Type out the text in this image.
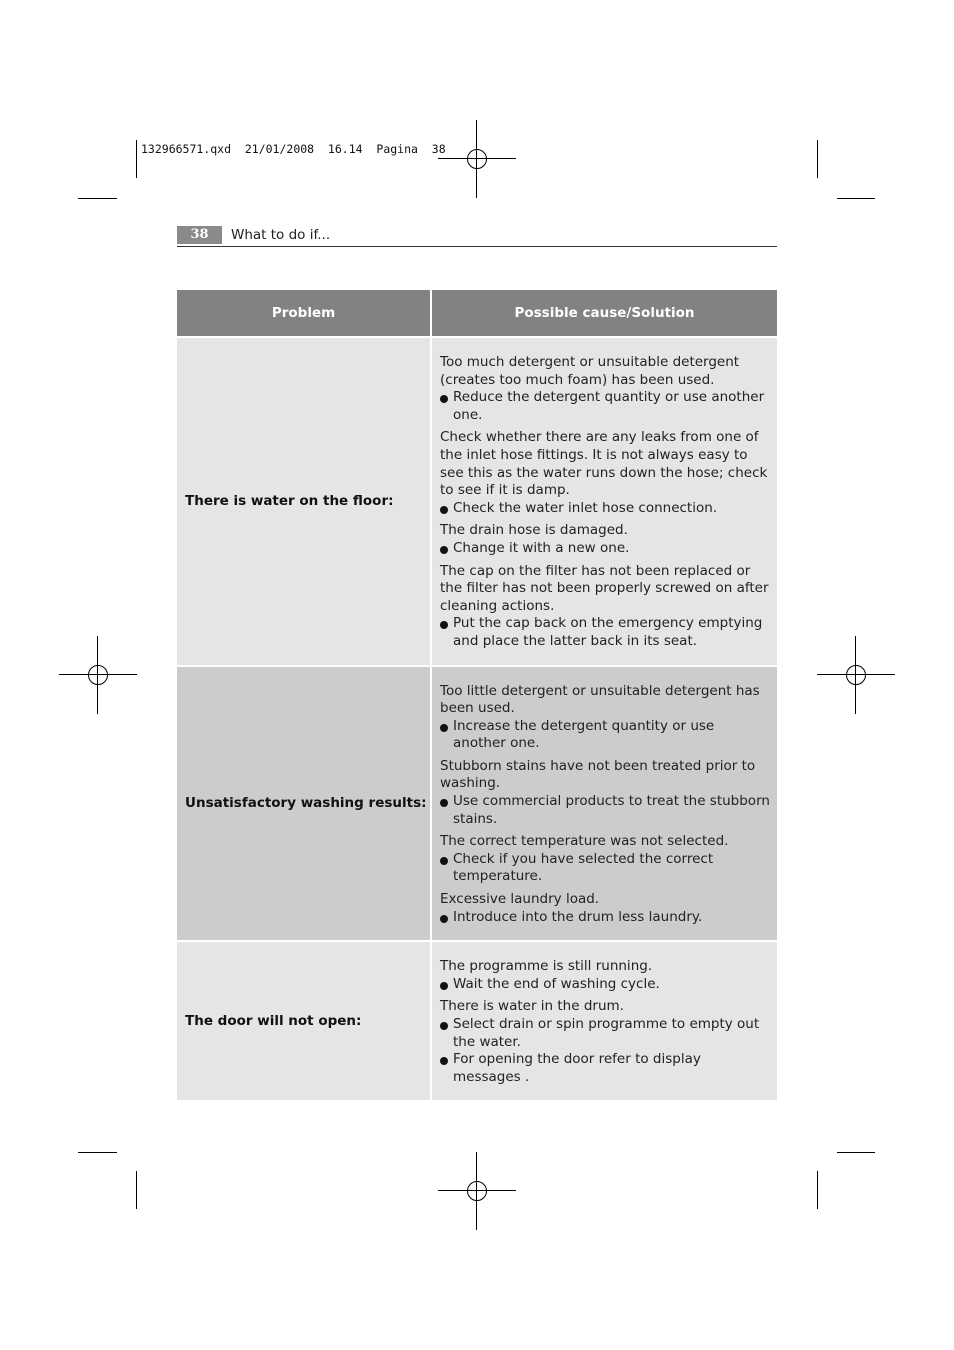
132966571.qxd  21/01/2008  16.14  Pagina  38
38	What to do if...
Problem	Possible cause/Solution
There is water on the floor:
Too much detergent or unsuitable detergent (creates too much foam) has been used.
Reduce the detergent quantity or use another one.
Check whether there are any leaks from one of the inlet hose fittings. It is not always easy to see this as the water runs down the hose; check to see if it is damp.
Check the water inlet hose connection.
The drain hose is damaged.
Change it with a new one.
The cap on the filter has not been replaced or the filter has not been properly screwed on after cleaning actions.
Put the cap back on the emergency emptying and place the latter back in its seat.
Unsatisfactory washing results:
Too little detergent or unsuitable detergent has been used.
Increase the detergent quantity or use another one.
Stubborn stains have not been treated prior to washing.
Use commercial products to treat the stubborn stains.
The correct temperature was not selected.
Check if you have selected the correct temperature.
Excessive laundry load.
Introduce into the drum less laundry.
The door will not open:
The programme is still running.
Wait the end of washing cycle.
There is water in the drum.
Select drain or spin programme to empty out the water.
For opening the door refer to display messages .
